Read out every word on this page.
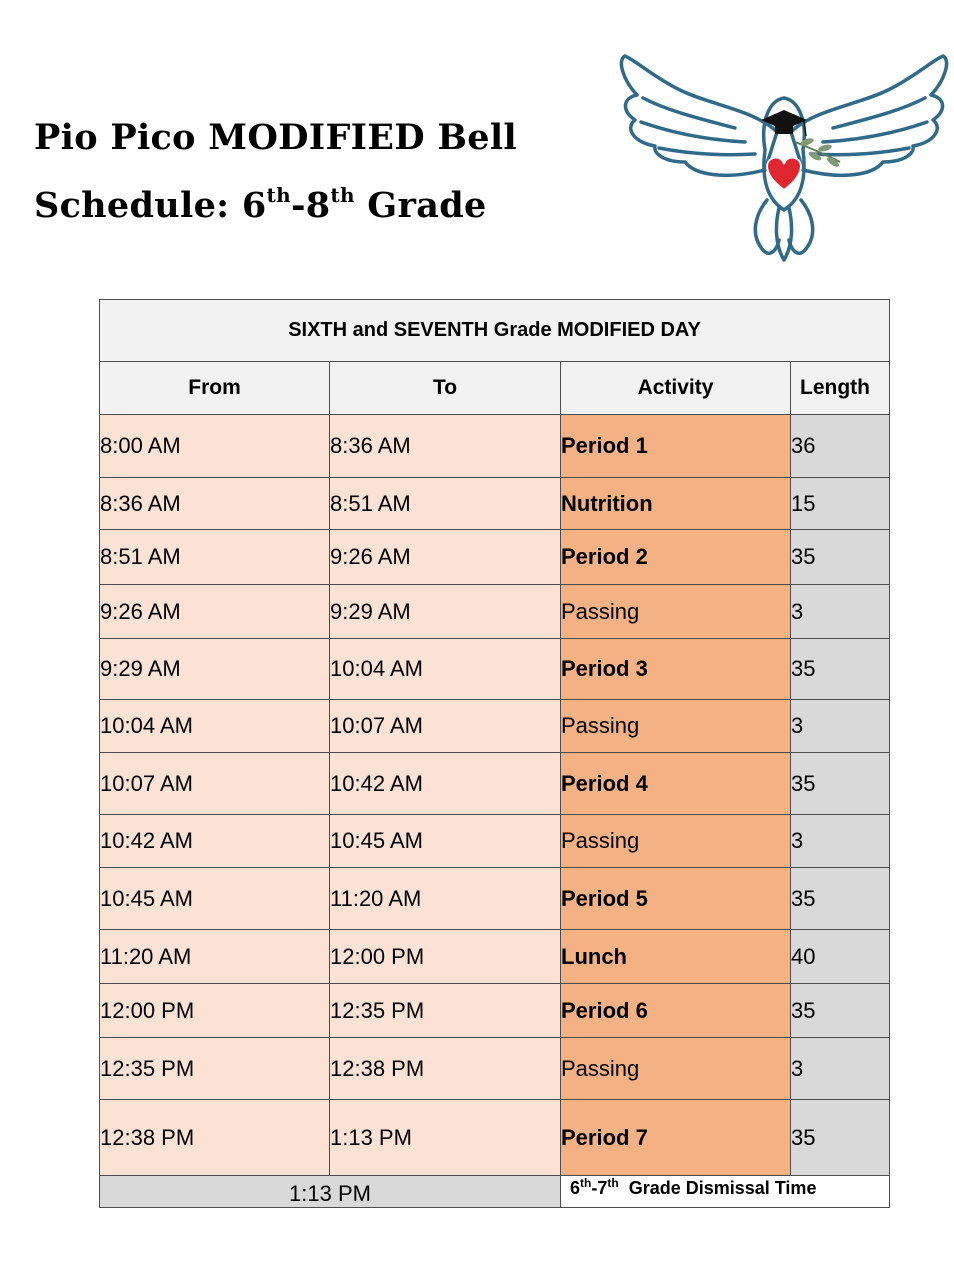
Pio Pico MODIFIED Bell
Schedule: 6th-8th Grade
SIXTH and SEVENTH Grade MODIFIED DAY			
From	To	Activity	Length
8:00 AM	8:36 AM	Period 1	36
8:36 AM	8:51 AM	Nutrition	15
8:51 AM	9:26 AM	Period 2	35
9:26 AM	9:29 AM	Passing	3
9:29 AM	10:04 AM	Period 3	35
10:04 AM	10:07 AM	Passing	3
10:07 AM	10:42 AM	Period 4	35
10:42 AM	10:45 AM	Passing	3
10:45 AM	11:20 AM	Period 5	35
11:20 AM	12:00 PM	Lunch	40
12:00 PM	12:35 PM	Period 6	35
12:35 PM	12:38 PM	Passing	3
12:38 PM	1:13 PM	Period 7	35
1:13 PM		6th-7th  Grade Dismissal Time	
